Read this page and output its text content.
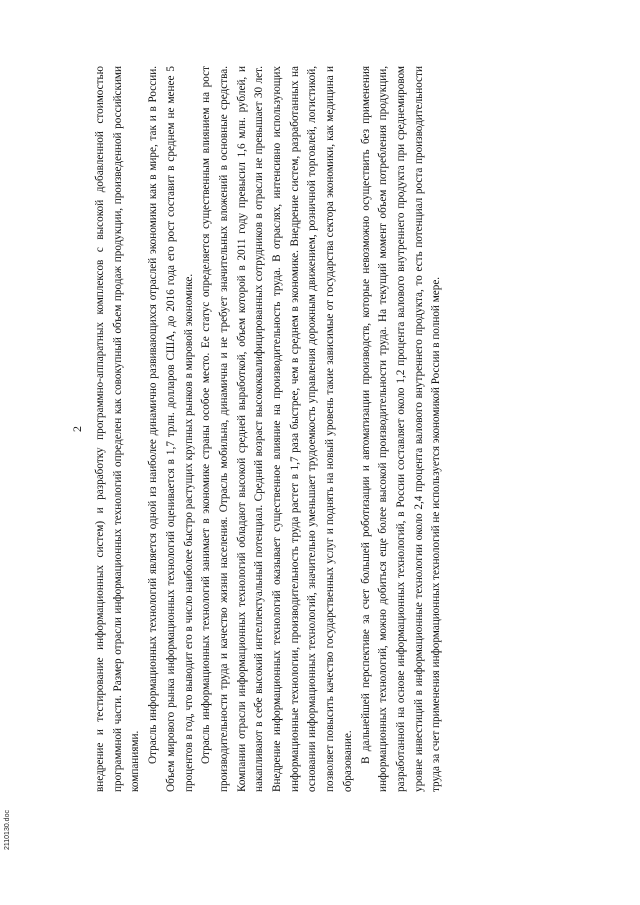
2 внедрение и тестирование информационных систем) и разработку программно-аппаратных комплексов с высокой добавленной стоимостью программной части. Размер отрасли информационных технологий определен как совокупный объем продаж продукции, произведенной российскими компаниями. Отрасль информационных технологий является одной из наиболее динамично развивающихся отраслей экономики как в мире, так и в России. Объем мирового рынка информационных технологий оценивается в 1,7 трлн. долларов США, до 2016 года его рост составит в среднем не менее 5 процентов в год, что выводит его в число наиболее быстро растущих крупных рынков в мировой экономике. Отрасль информационных технологий занимает в экономике страны особое место. Ее статус определяется существенным влиянием на рост производительности труда и качество жизни населения. Отрасль мобильна, динамична и не требует значительных вложений в основные средства. Компании отрасли информационных технологий обладают высокой средней выработкой, объем которой в 2011 году превысил 1,6 млн. рублей, и накапливают в себе высокий интеллектуальный потенциал. Средний возраст высококвалифицированных сотрудников в отрасли не превышает 30 лет. Внедрение информационных технологий оказывает существенное влияние на производительность труда. В отраслях, интенсивно использующих информационные технологии, производительность труда растет в 1,7 раза быстрее, чем в среднем в экономике. Внедрение систем, разработанных на основании информационных технологий, значительно уменьшает трудоемкость управления дорожным движением, розничной торговлей, логистикой, позволяет повысить качество государственных услуг и поднять на новый уровень такие зависимые от государства сектора экономики, как медицина и образование. В дальнейшей перспективе за счет большей роботизации и автоматизации производств, которые невозможно осуществить без применения информационных технологий, можно добиться еще более высокой производительности труда. На текущий момент объем потребления продукции, разработанной на основе информационных технологий, в России составляет около 1,2 процента валового внутреннего продукта при среднемировом уровне инвестиций в информационные технологии около 2,4 процента валового внутреннего продукта, то есть потенциал роста производительности труда за счет применения информационных технологий не используется экономикой России в полной мере.

2110130.doc
